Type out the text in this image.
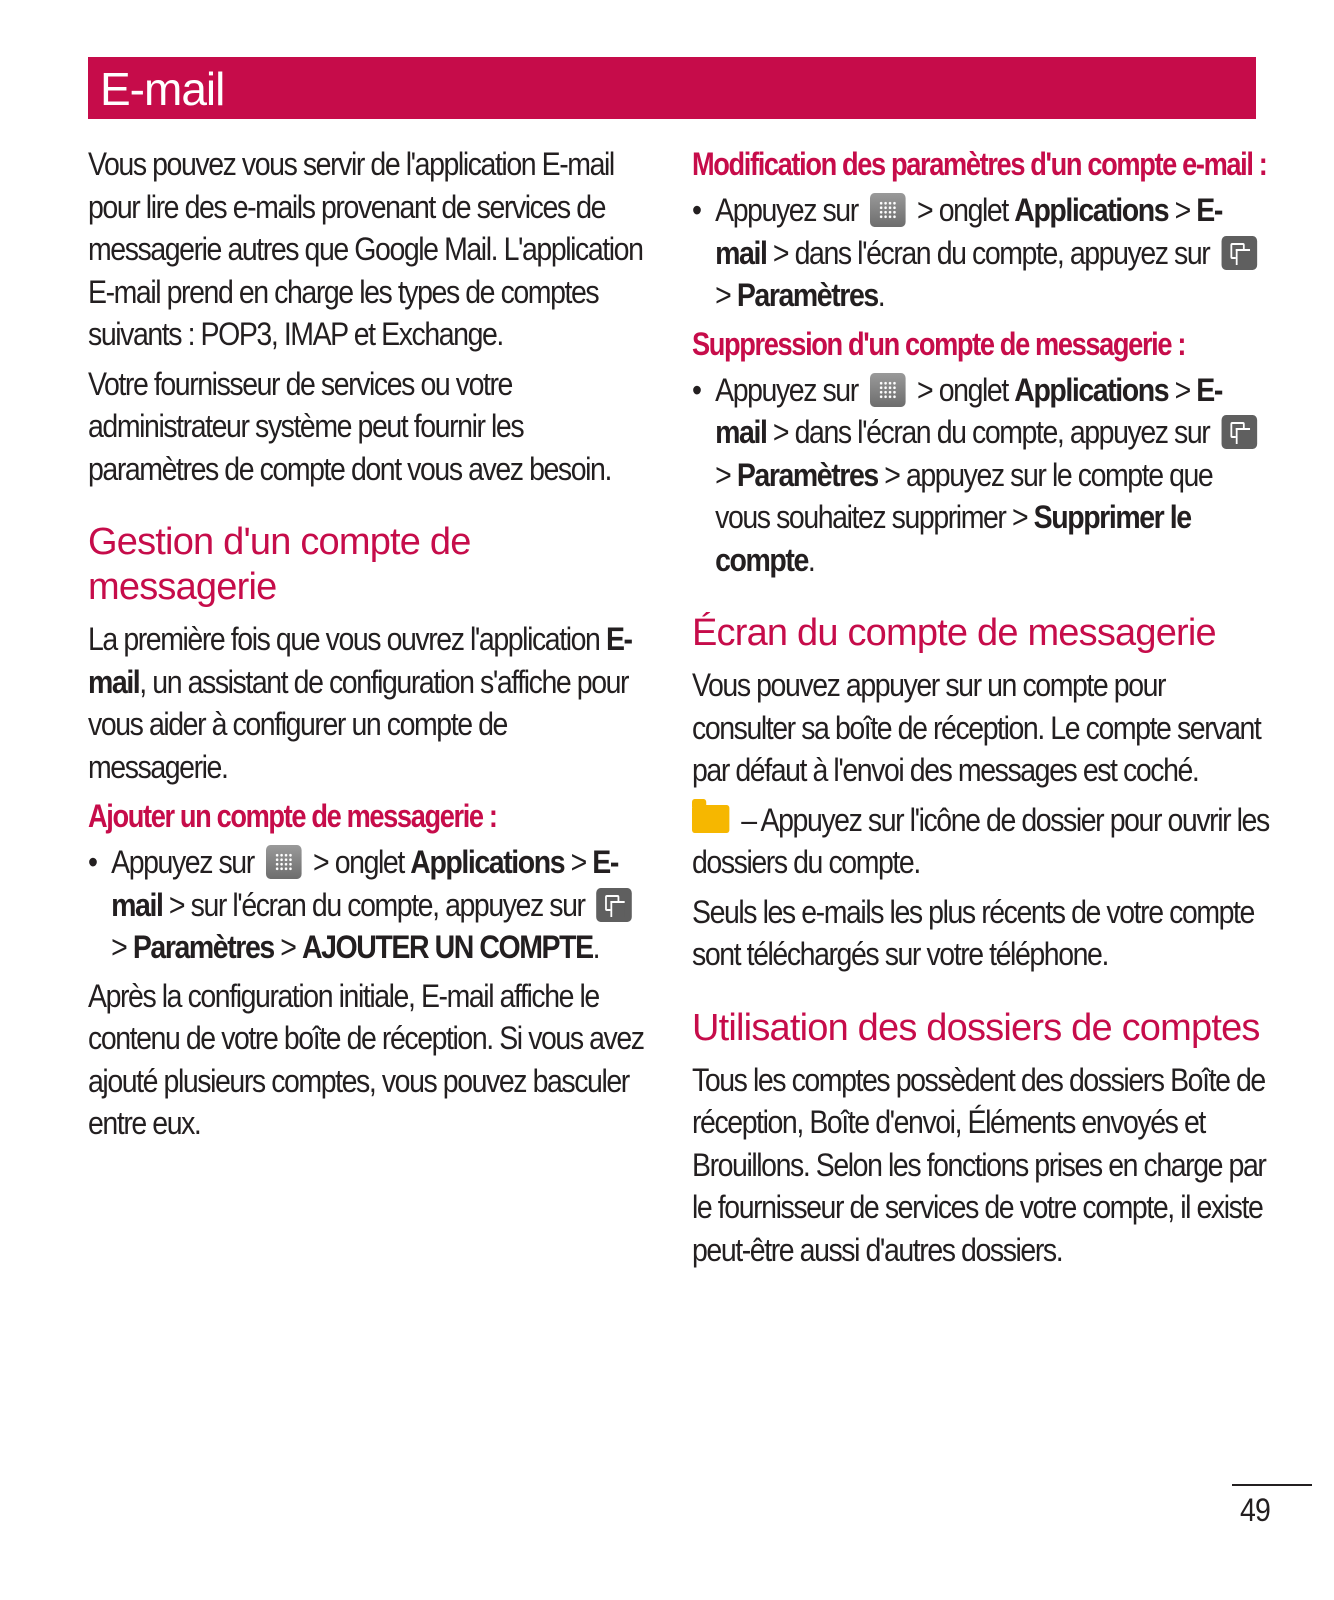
E-mail

Vous pouvez vous servir de l'application E-mail pour lire des e-mails provenant de services de messagerie autres que Google Mail. L'application E-mail prend en charge les types de comptes suivants : POP3, IMAP et Exchange.

Votre fournisseur de services ou votre administrateur système peut fournir les paramètres de compte dont vous avez besoin.

Gestion d'un compte de messagerie

La première fois que vous ouvrez l'application E-mail, un assistant de configuration s'affiche pour vous aider à configurer un compte de messagerie.

Ajouter un compte de messagerie :

• Appuyez sur  > onglet Applications > E-mail > sur l'écran du compte, appuyez sur  > Paramètres > AJOUTER UN COMPTE.

Après la configuration initiale, E-mail affiche le contenu de votre boîte de réception. Si vous avez ajouté plusieurs comptes, vous pouvez basculer entre eux.

Modification des paramètres d'un compte e-mail :

• Appuyez sur  > onglet Applications > E-mail > dans l'écran du compte, appuyez sur  > Paramètres.

Suppression d'un compte de messagerie :

• Appuyez sur  > onglet Applications > E-mail > dans l'écran du compte, appuyez sur  > Paramètres > appuyez sur le compte que vous souhaitez supprimer > Supprimer le compte.

Écran du compte de messagerie

Vous pouvez appuyer sur un compte pour consulter sa boîte de réception. Le compte servant par défaut à l'envoi des messages est coché.

– Appuyez sur l'icône de dossier pour ouvrir les dossiers du compte.

Seuls les e-mails les plus récents de votre compte sont téléchargés sur votre téléphone.

Utilisation des dossiers de comptes

Tous les comptes possèdent des dossiers Boîte de réception, Boîte d'envoi, Éléments envoyés et Brouillons. Selon les fonctions prises en charge par le fournisseur de services de votre compte, il existe peut-être aussi d'autres dossiers.

49
